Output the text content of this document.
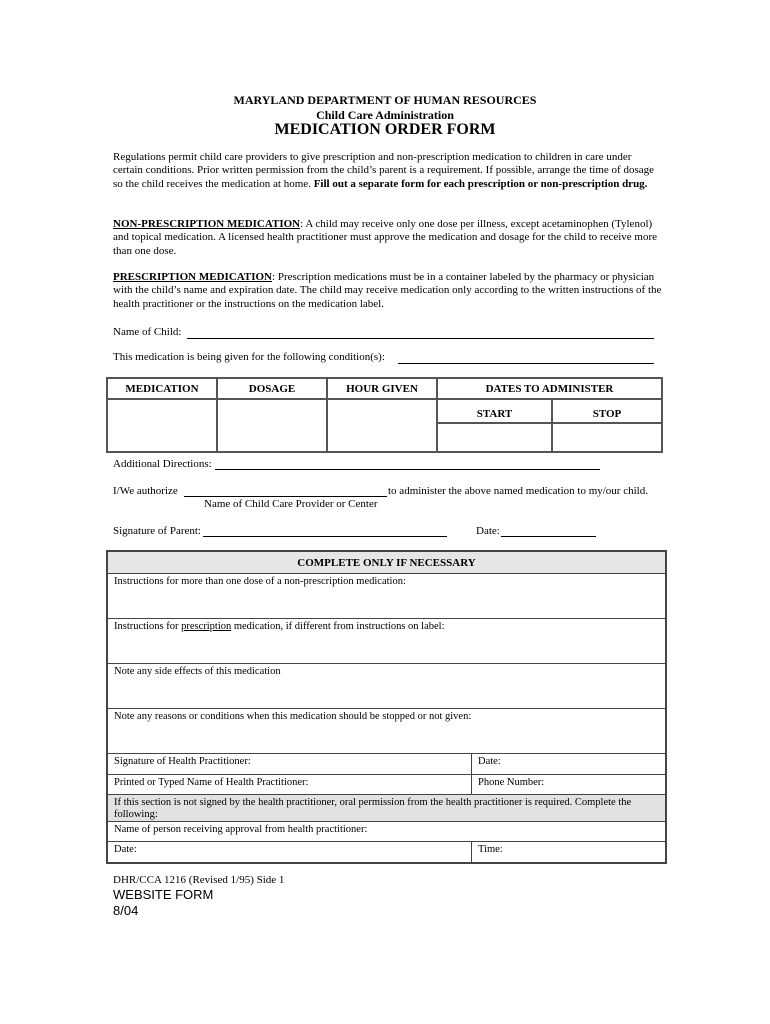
MARYLAND DEPARTMENT OF HUMAN RESOURCES
Child Care Administration
MEDICATION ORDER FORM
Regulations permit child care providers to give prescription and non-prescription medication to children in care under certain conditions. Prior written permission from the child’s parent is a requirement. If possible, arrange the time of dosage so the child receives the medication at home. Fill out a separate form for each prescription or non-prescription drug.
NON-PRESCRIPTION MEDICATION: A child may receive only one dose per illness, except acetaminophen (Tylenol) and topical medication. A licensed health practitioner must approve the medication and dosage for the child to receive more than one dose.
PRESCRIPTION MEDICATION: Prescription medications must be in a container labeled by the pharmacy or physician with the child’s name and expiration date. The child may receive medication only according to the written instructions of the health practitioner or the instructions on the medication label.
Name of Child:
This medication is being given for the following condition(s):
MEDICATION	DOSAGE	HOUR GIVEN	DATES TO ADMINISTER	
			START	STOP

Additional Directions:
I/We authorize	to administer the above named medication to my/our child.
Name of Child Care Provider or Center
Signature of Parent:	Date:
COMPLETE ONLY IF NECESSARY
Instructions for more than one dose of a non-prescription medication:
Instructions for prescription medication, if different from instructions on label:
Note any side effects of this medication
Note any reasons or conditions when this medication should be stopped or not given:
Signature of Health Practitioner:	Date:
Printed or Typed Name of Health Practitioner:	Phone Number:
If this section is not signed by the health practitioner, oral permission from the health practitioner is required. Complete the following:
Name of person receiving approval from health practitioner:
Date:	Time:
DHR/CCA 1216 (Revised 1/95) Side 1
WEBSITE FORM
8/04
